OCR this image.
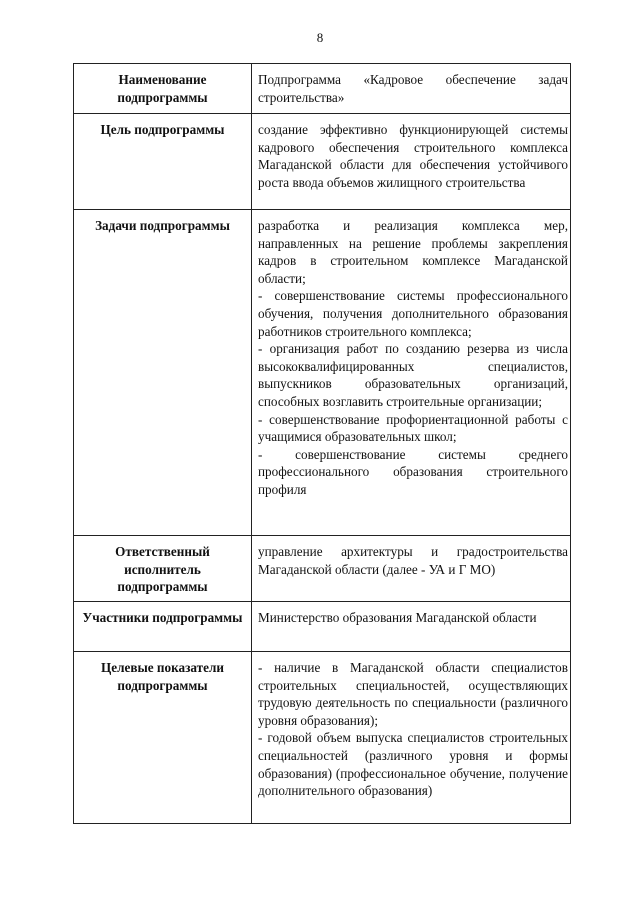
8
Наименование подпрограммы	Подпрограмма «Кадровое обеспечение задач строительства»

Цель подпрограммы	создание эффективно функционирующей системы кадрового обеспечения строительного комплекса Магаданской области для обеспечения устойчивого роста ввода объемов жилищного строительства

Задачи подпрограммы	разработка и реализация комплекса мер, направленных на решение проблемы закрепления кадров в строительном комплексе Магаданской области;
- совершенствование системы профессионального обучения, получения дополнительного образования работников строительного комплекса;
- организация работ по созданию резерва из числа высококвалифицированных специалистов, выпускников образовательных организаций, способных возглавить строительные организации;
- совершенствование профориентационной работы с учащимися образовательных школ;
- совершенствование системы среднего профессионального образования строительного профиля

Ответственный исполнитель подпрограммы	управление архитектуры и градостроительства Магаданской области (далее - УА и Г МО)

Участники подпрограммы	Министерство образования Магаданской области

Целевые показатели подпрограммы	- наличие в Магаданской области специалистов строительных специальностей, осуществляющих трудовую деятельность по специальности (различного уровня образования);
- годовой объем выпуска специалистов строительных специальностей (различного уровня и формы образования) (профессиональное обучение, получение дополнительного образования)
